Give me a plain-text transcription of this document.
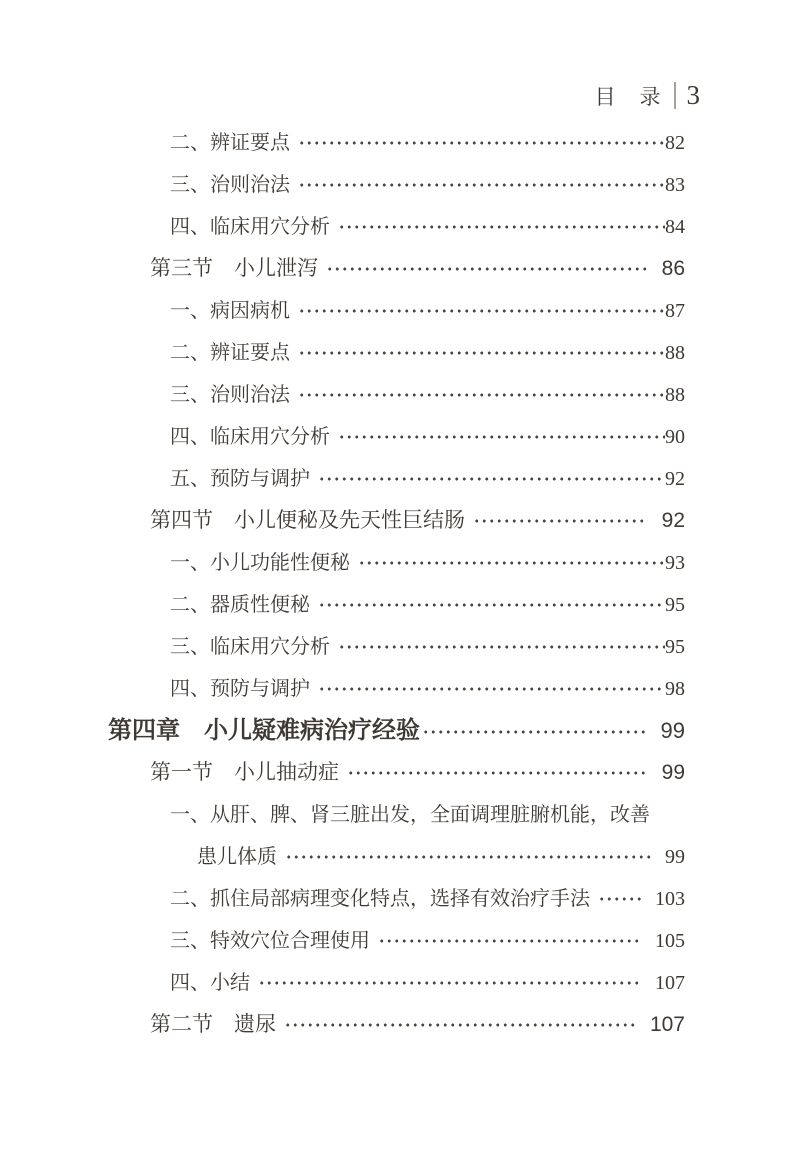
目 录 3
二、辨证要点	82
三、治则治法	83
四、临床用穴分析	84
第三节　小儿泄泻	86
一、病因病机	87
二、辨证要点	88
三、治则治法	88
四、临床用穴分析	90
五、预防与调护	92
第四节　小儿便秘及先天性巨结肠	92
一、小儿功能性便秘	93
二、器质性便秘	95
三、临床用穴分析	95
四、预防与调护	98
第四章　小儿疑难病治疗经验	99
第一节　小儿抽动症	99
一、从肝、脾、肾三脏出发，全面调理脏腑机能，改善
患儿体质	99
二、抓住局部病理变化特点，选择有效治疗手法	103
三、特效穴位合理使用	105
四、小结	107
第二节　遗尿	107
